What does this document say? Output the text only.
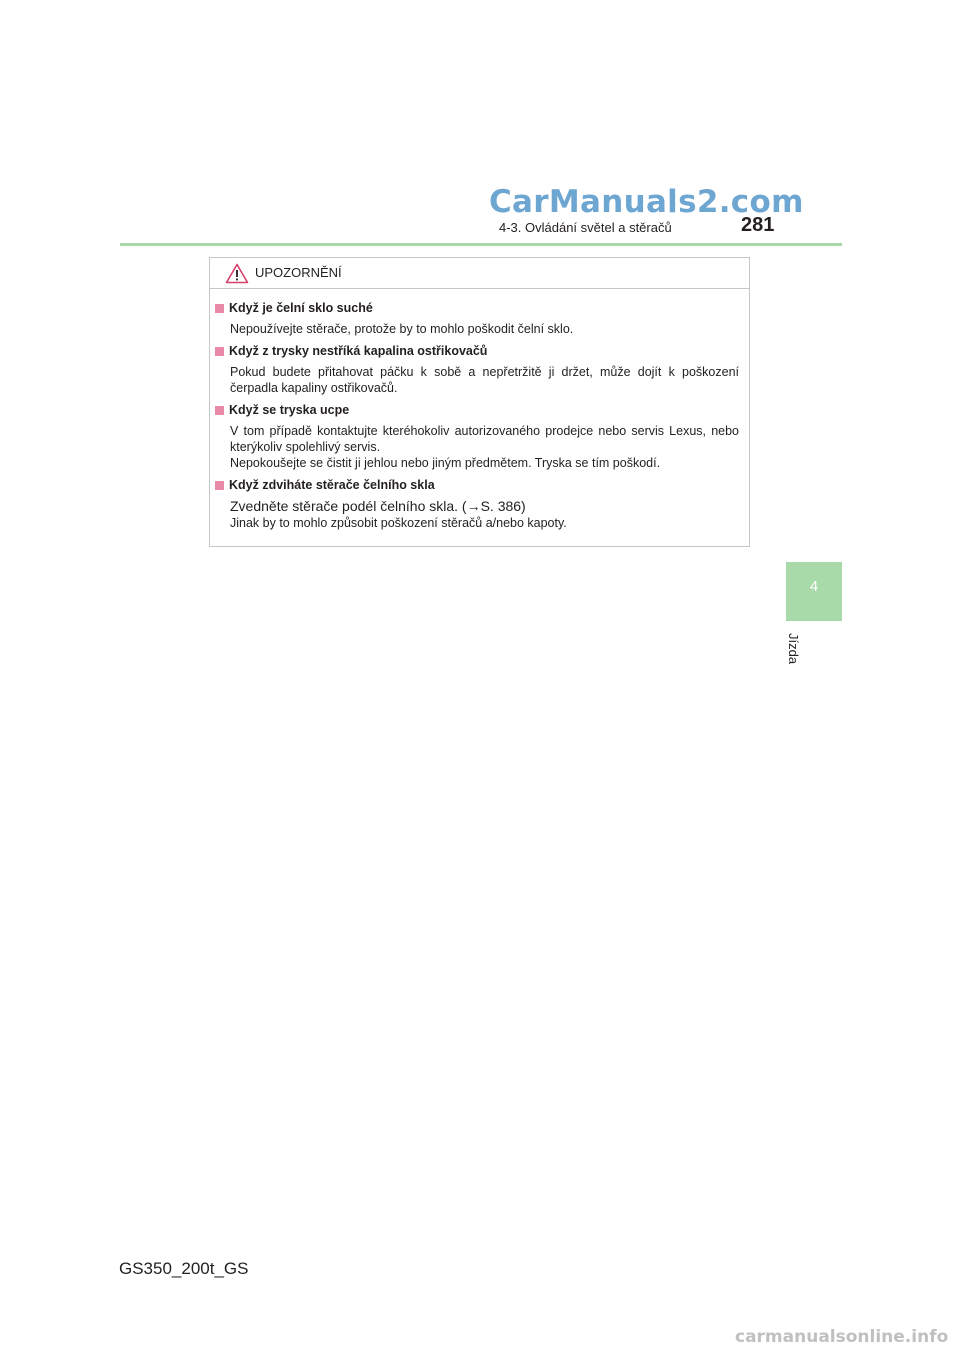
CarManuals2.com
4-3. Ovládání světel a stěračů	281
4
Jízda
UPOZORNĚNÍ
Když je čelní sklo suché

Nepoužívejte stěrače, protože by to mohlo poškodit čelní sklo.

Když z trysky nestříká kapalina ostřikovačů

Pokud budete přitahovat páčku k sobě a nepřetržitě ji držet, může dojít k poškození čerpadla kapaliny ostřikovačů.

Když se tryska ucpe

V tom případě kontaktujte kteréhokoliv autorizovaného prodejce nebo servis Lexus, nebo kterýkoliv spolehlivý servis.

Nepokoušejte se čistit ji jehlou nebo jiným předmětem. Tryska se tím poškodí.

Když zdviháte stěrače čelního skla

Zvedněte stěrače podél čelního skla. (→S. 386)

Jinak by to mohlo způsobit poškození stěračů a/nebo kapoty.

GS350_200t_GS
carmanualsonline.info
